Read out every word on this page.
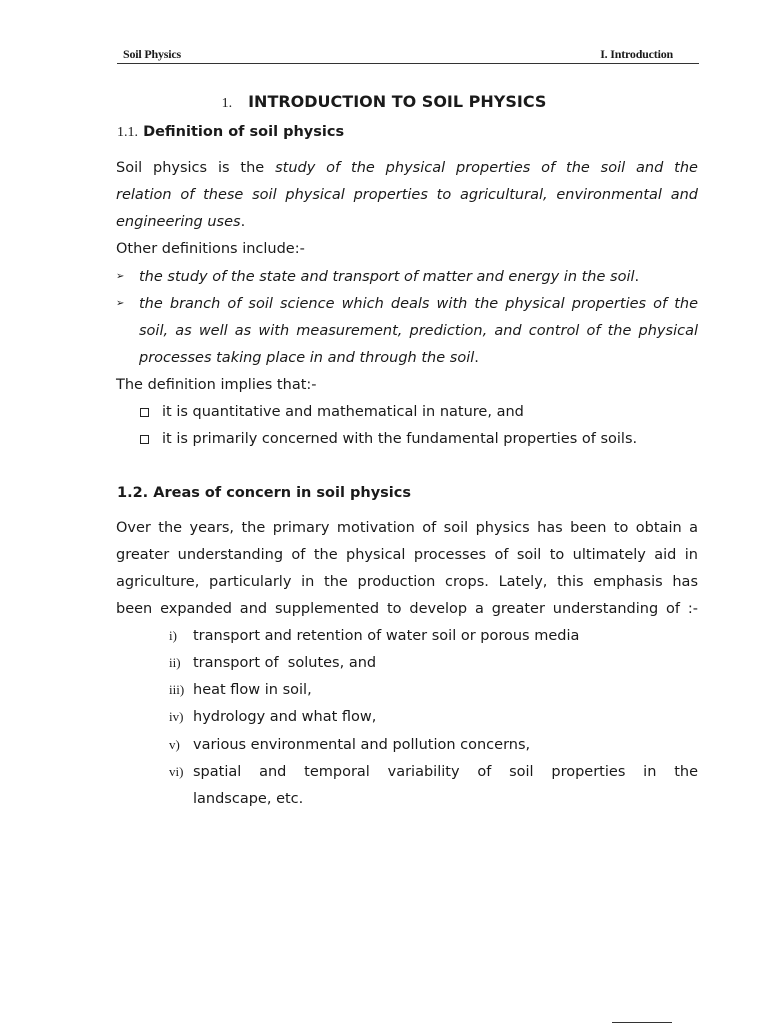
Soil Physics	I. Introduction
1. INTRODUCTION TO SOIL PHYSICS
1.1. Definition of soil physics
Soil physics is the study of the physical properties of the soil and the
relation of these soil physical properties to agricultural, environmental and
engineering uses.
Other definitions include:-
➢ the study of the state and transport of matter and energy in the soil.
➢ the branch of soil science which deals with the physical properties of the
soil, as well as with measurement, prediction, and control of the physical
processes taking place in and through the soil.
The definition implies that:-
it is quantitative and mathematical in nature, and
it is primarily concerned with the fundamental properties of soils.
1.2. Areas of concern in soil physics
Over the years, the primary motivation of soil physics has been to obtain a
greater understanding of the physical processes of soil to ultimately aid in
agriculture, particularly in the production crops. Lately, this emphasis has
been expanded and supplemented to develop a greater understanding of :-
i) transport and retention of water soil or porous media
ii) transport of  solutes, and
iii) heat flow in soil,
iv) hydrology and what flow,
v) various environmental and pollution concerns,
vi) spatial and temporal variability of soil properties in the
landscape, etc.
